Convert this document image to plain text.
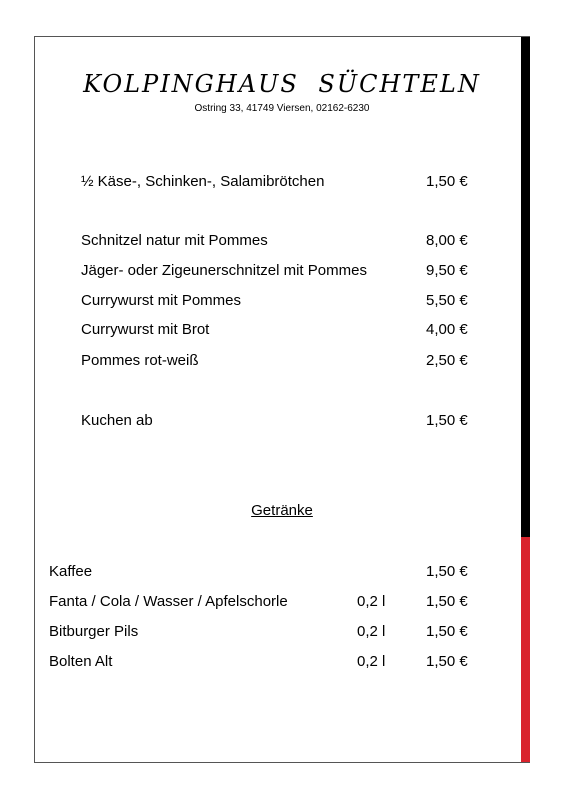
KOLPINGHAUS SÜCHTELN
Ostring 33, 41749 Viersen, 02162-6230
½ Käse-, Schinken-, Salamibrötchen	1,50 €
Schnitzel natur mit Pommes	8,00 €
Jäger- oder Zigeunerschnitzel mit Pommes	9,50 €
Currywurst mit Pommes	5,50 €
Currywurst mit Brot	4,00 €
Pommes rot-weiß	2,50 €
Kuchen ab	1,50 €
Getränke
Kaffee	1,50 €
Fanta / Cola / Wasser / Apfelschorle	0,2 l	1,50 €
Bitburger Pils	0,2 l	1,50 €
Bolten Alt	0,2 l	1,50 €
